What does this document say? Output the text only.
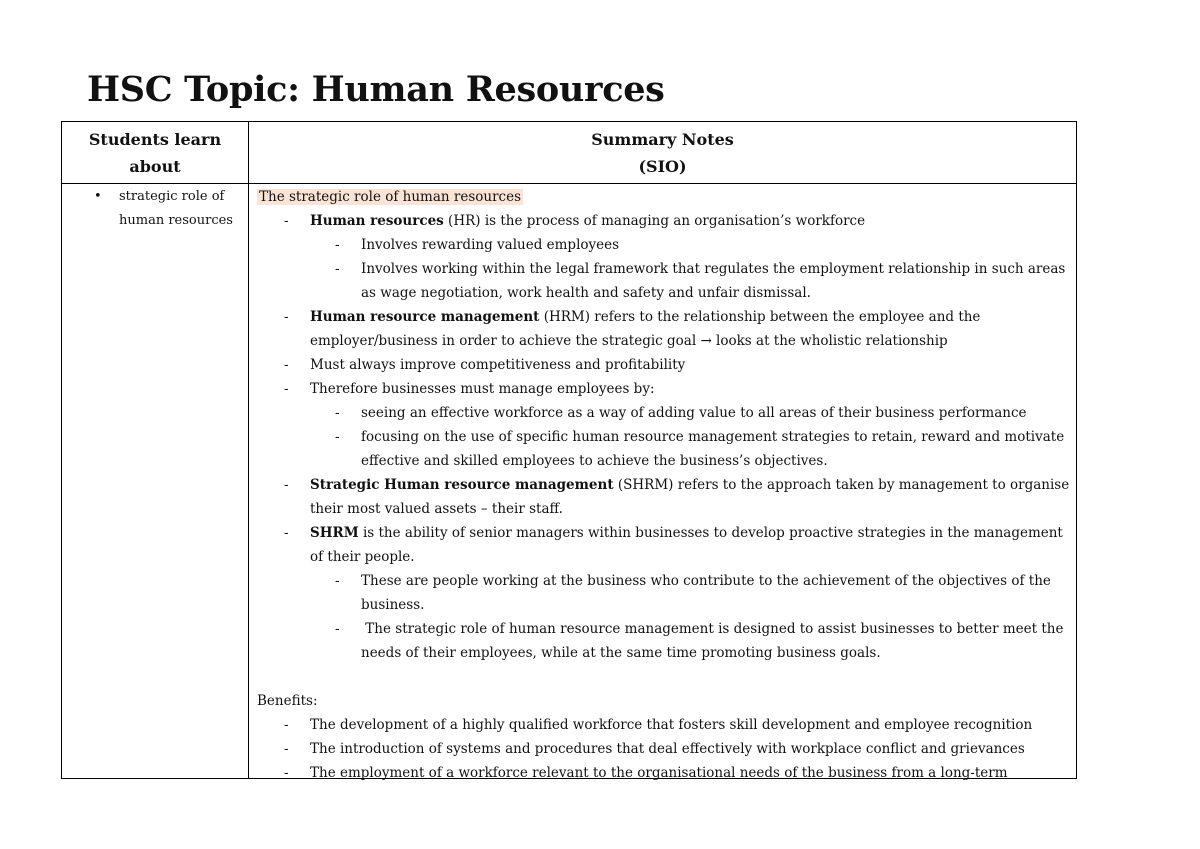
HSC Topic: Human Resources
Students learn
about
Summary Notes
(SIO)
• strategic role of
human resources
The strategic role of human resources
- Human resources (HR) is the process of managing an organisation’s workforce
- Involves rewarding valued employees
- Involves working within the legal framework that regulates the employment relationship in such areas
as wage negotiation, work health and safety and unfair dismissal.
- Human resource management (HRM) refers to the relationship between the employee and the
employer/business in order to achieve the strategic goal → looks at the wholistic relationship
- Must always improve competitiveness and profitability
- Therefore businesses must manage employees by:
- seeing an effective workforce as a way of adding value to all areas of their business performance
- focusing on the use of specific human resource management strategies to retain, reward and motivate
effective and skilled employees to achieve the business’s objectives.
- Strategic Human resource management (SHRM) refers to the approach taken by management to organise
their most valued assets – their staff.
- SHRM is the ability of senior managers within businesses to develop proactive strategies in the management
of their people.
- These are people working at the business who contribute to the achievement of the objectives of the
business.
- The strategic role of human resource management is designed to assist businesses to better meet the
needs of their employees, while at the same time promoting business goals.
Benefits:
- The development of a highly qualified workforce that fosters skill development and employee recognition
- The introduction of systems and procedures that deal effectively with workplace conflict and grievances
- The employment of a workforce relevant to the organisational needs of the business from a long-term
